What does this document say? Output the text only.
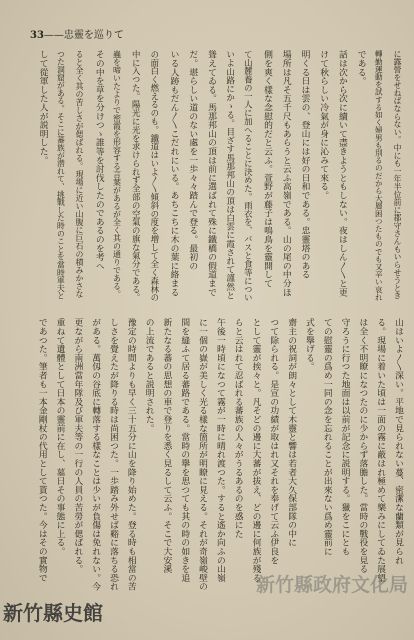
33——忠靈を巡りて
に露營をせねばならない。中にも一年半位前に郡守さんもいらせうとき
轉勤運動を試する如く婦男も別るのだから大層困つたものでも又辛い哀れ
である。
話は次から次に續いて盡きようともしない。夜はしん〳〵と更
けて秋らしい冷氣が身に沁みて來る。
明くる日は雲の、登山には好の日和である。忠靈塔のある
場所は凡そ五千尺もあらうと云ふ高嶺である。山の尾の中分ほ
側を爽く樣な念慰的だと云ふ。萱野が藤子は鳴鳥を靈開して
て山麓養の一人に加へることに決めた。雨衣を、バスと食等につい
いよ山路にかゝる。目ざす馬那邦山の頂は白雲に霞されて謹然と
聳えてゐる。馬那邦山の頂は前に選ばれて殊に鐵橋の假道まで
だ。堪らしい道のない處を一歩々々踏んで登る。最初の
いる人跡もだん〳〵こだれにいる。あちこちに木の葉に絡まる
の面白く燃えるのも。鐵道はいよ〳〵傾斜の度を増して全く森林の
中に入つた。陽光に光を求けられず全部の空氣の旗な氣分である。
蟲を啼いたよりで密霞を形容する言葉があるが全く其の通りである。
その中を草を分けつゝ誰等を討伐したのであるのを考へ
ると全く其の苦しさが偲ばれる。現場に近い山腹に巨石の積みかさな
つた洞窟がある。そこに蕃族が潜れて、挑戰した時のことを當時軍夫と
して從軍した人が説明した。
山はいよ〳〵深い。平地で見られない蔓、密潔な蘭類が見られ
る。現場に着いた頃は一面の霧に蔽はれ極めて樂みにしてゐた展望
は全く不明瞭になつたのに少からず落膽した。當時の戰役を見る
守ろうに行つた地面は以前が記念に説明する。獵をこにとも
ての慰靈の爲め一同の念を忘れることが出來ない爲め靈前に
式を擧げる。
齋主の祝詞が朗々として木靈と響は若者大久保部隊の中に
つて除られる。是宣の功績が取はれ又それを奉げて云ふ伊良を
として靈が挨々と。凡そどの邊に大蕃が拔え、どの邊に何族が殘る
らと云はれて忍ばれる蕃族の人々がうるあるのを惑にた
午後一時頃になつて霧が一時に晴れ渡つた。すると遙か向ふの山嶺
に一個の嶽が美しく光る樣な箇所が明瞭に見える。それが奇嶺峻壁の
間を縫ふて居る蕃路である。當時の擧を思つても其の時の如きを追
新たなる蕃の思想の車で登りを悉く見るして云ふ。そこで大安溪
の上流であると説明された。
豫定の時間よりも早く三十五分に山を降り始めた。登る時も相當の苦
しさを覺えたが降りる時は尚困つた。一歩踏み外せば谿に落ちる恐れ
がある。萬仭の谷底に轉落する樣なことは少いが負傷は免れない。今
更ながら南洲當年隊及び軍夫等の一行の人員の苦勞が偲ばれる。
重ねて遺體として日本の靈前に在し、墓日その事態に上る。
であつた。筆者も一本金剛杖の代用として貰つた。今はその實物で
新竹縣政府文化局
新竹縣史館
